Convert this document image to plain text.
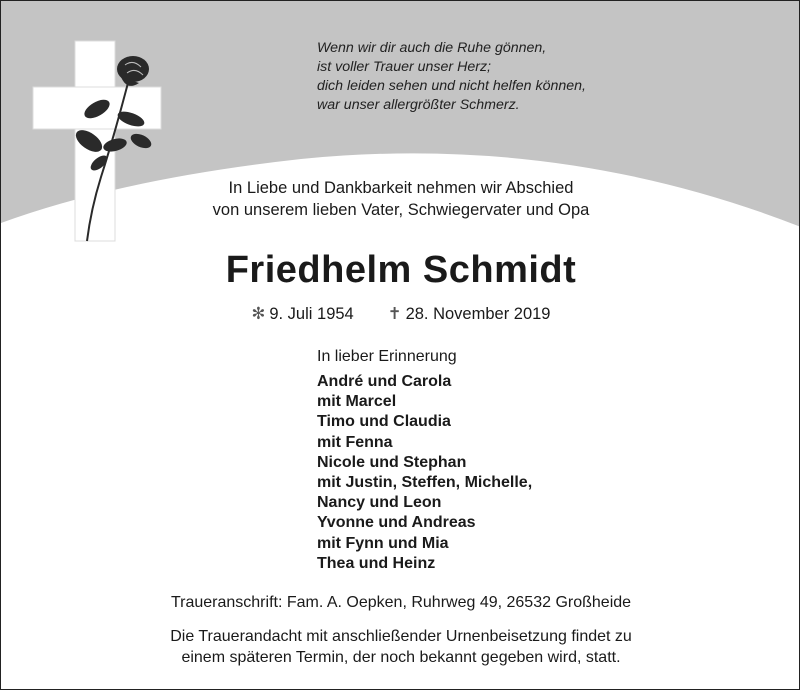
Wenn wir dir auch die Ruhe gönnen,
ist voller Trauer unser Herz;
dich leiden sehen und nicht helfen können,
war unser allergrößter Schmerz.
In Liebe und Dankbarkeit nehmen wir Abschied
von unserem lieben Vater, Schwiegervater und Opa
Friedhelm Schmidt
✻ 9. Juli 1954 ✝ 28. November 2019
In lieber Erinnerung
André und Carola
mit Marcel
Timo und Claudia
mit Fenna
Nicole und Stephan
mit Justin, Steffen, Michelle,
Nancy und Leon
Yvonne und Andreas
mit Fynn und Mia
Thea und Heinz
Traueranschrift: Fam. A. Oepken, Ruhrweg 49, 26532 Großheide
Die Trauerandacht mit anschließender Urnenbeisetzung findet zu
einem späteren Termin, der noch bekannt gegeben wird, statt.
